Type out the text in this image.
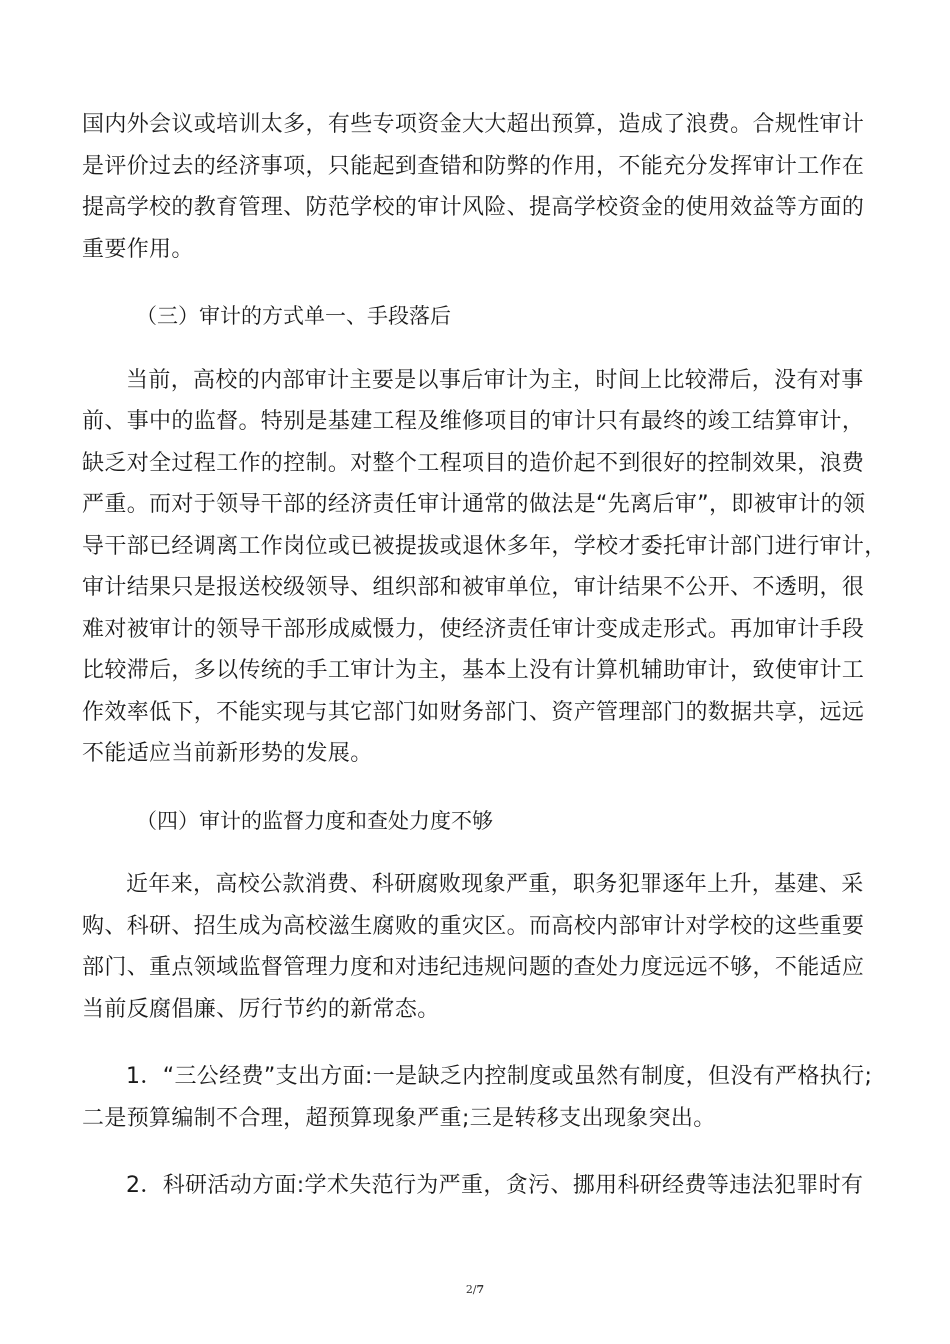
国内外会议或培训太多，有些专项资金大大超出预算，造成了浪费。合规性审计
是评价过去的经济事项，只能起到查错和防弊的作用，不能充分发挥审计工作在
提高学校的教育管理、防范学校的审计风险、提高学校资金的使用效益等方面的
重要作用。

（三）审计的方式单一、手段落后

当前，高校的内部审计主要是以事后审计为主，时间上比较滞后，没有对事
前、事中的监督。特别是基建工程及维修项目的审计只有最终的竣工结算审计，
缺乏对全过程工作的控制。对整个工程项目的造价起不到很好的控制效果，浪费
严重。而对于领导干部的经济责任审计通常的做法是“先离后审”，即被审计的领
导干部已经调离工作岗位或已被提拔或退休多年，学校才委托审计部门进行审计，
审计结果只是报送校级领导、组织部和被审单位，审计结果不公开、不透明，很
难对被审计的领导干部形成威慑力，使经济责任审计变成走形式。再加审计手段
比较滞后，多以传统的手工审计为主，基本上没有计算机辅助审计，致使审计工
作效率低下，不能实现与其它部门如财务部门、资产管理部门的数据共享，远远
不能适应当前新形势的发展。

（四）审计的监督力度和查处力度不够

近年来，高校公款消费、科研腐败现象严重，职务犯罪逐年上升，基建、采
购、科研、招生成为高校滋生腐败的重灾区。而高校内部审计对学校的这些重要
部门、重点领域监督管理力度和对违纪违规问题的查处力度远远不够，不能适应
当前反腐倡廉、厉行节约的新常态。

1．“三公经费”支出方面:一是缺乏内控制度或虽然有制度，但没有严格执行;
二是预算编制不合理，超预算现象严重;三是转移支出现象突出。

2．科研活动方面:学术失范行为严重，贪污、挪用科研经费等违法犯罪时有

2/7
